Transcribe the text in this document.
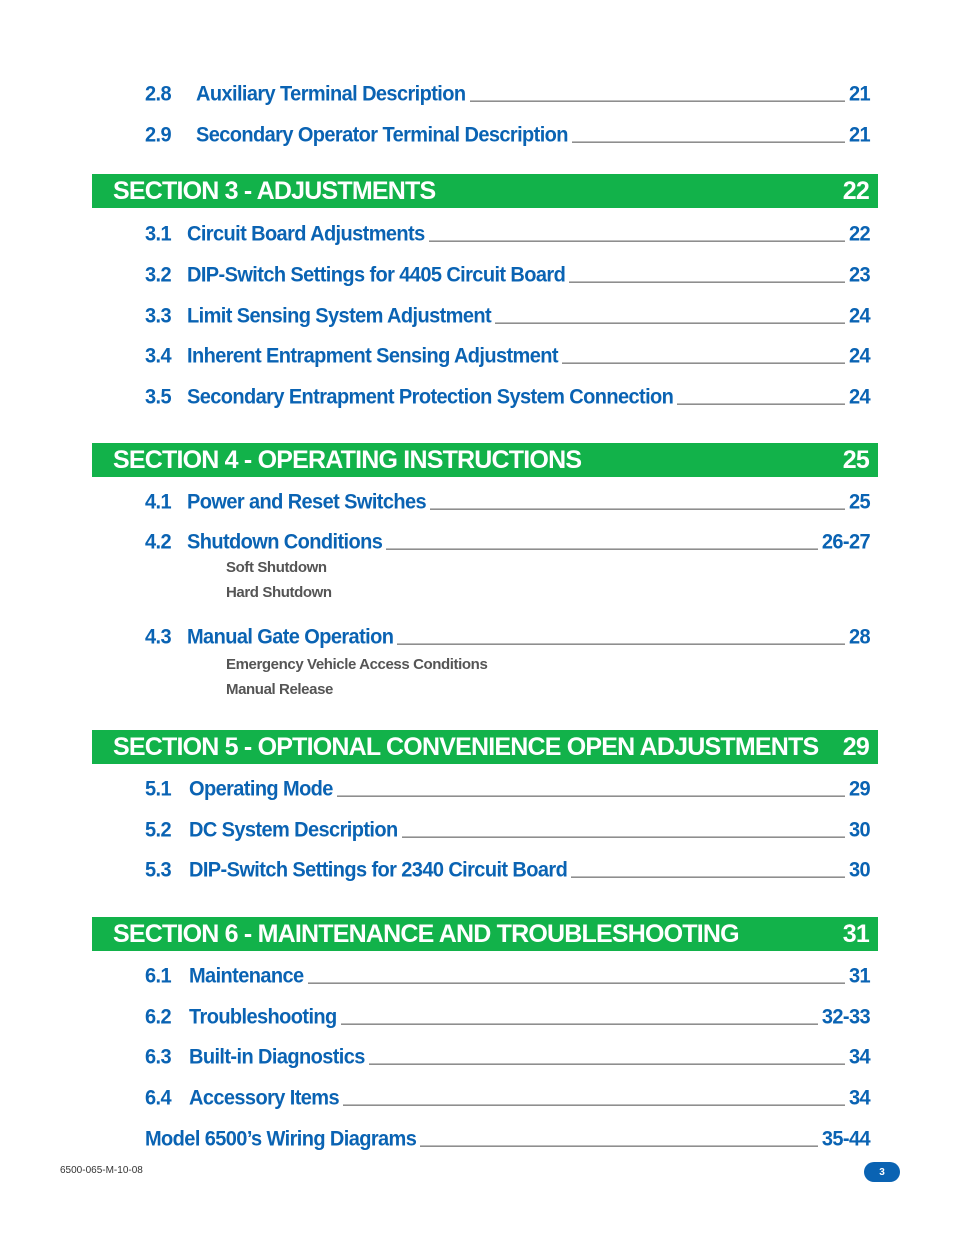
2.8	Auxiliary Terminal Description	21
2.9	Secondary Operator Terminal Description	21
SECTION 3 - ADJUSTMENTS	22
3.1 Circuit Board Adjustments	22
3.2 DIP-Switch Settings for 4405 Circuit Board	23
3.3 Limit Sensing System Adjustment	24
3.4 Inherent Entrapment Sensing Adjustment	24
3.5 Secondary Entrapment Protection System Connection	24
SECTION 4 - OPERATING INSTRUCTIONS	25
4.1 Power and Reset Switches	25
4.2 Shutdown Conditions	26-27
Soft Shutdown
Hard Shutdown
4.3 Manual Gate Operation	28
Emergency Vehicle Access Conditions
Manual Release
SECTION 5 - OPTIONAL CONVENIENCE OPEN ADJUSTMENTS 29
5.1 Operating Mode	29
5.2 DC System Description	30
5.3 DIP-Switch Settings for 2340 Circuit Board	30
SECTION 6 - MAINTENANCE AND TROUBLESHOOTING	31
6.1 Maintenance	31
6.2 Troubleshooting	32-33
6.3 Built-in Diagnostics	34
6.4 Accessory Items	34
Model 6500’s Wiring Diagrams	35-44
6500-065-M-10-08	3
